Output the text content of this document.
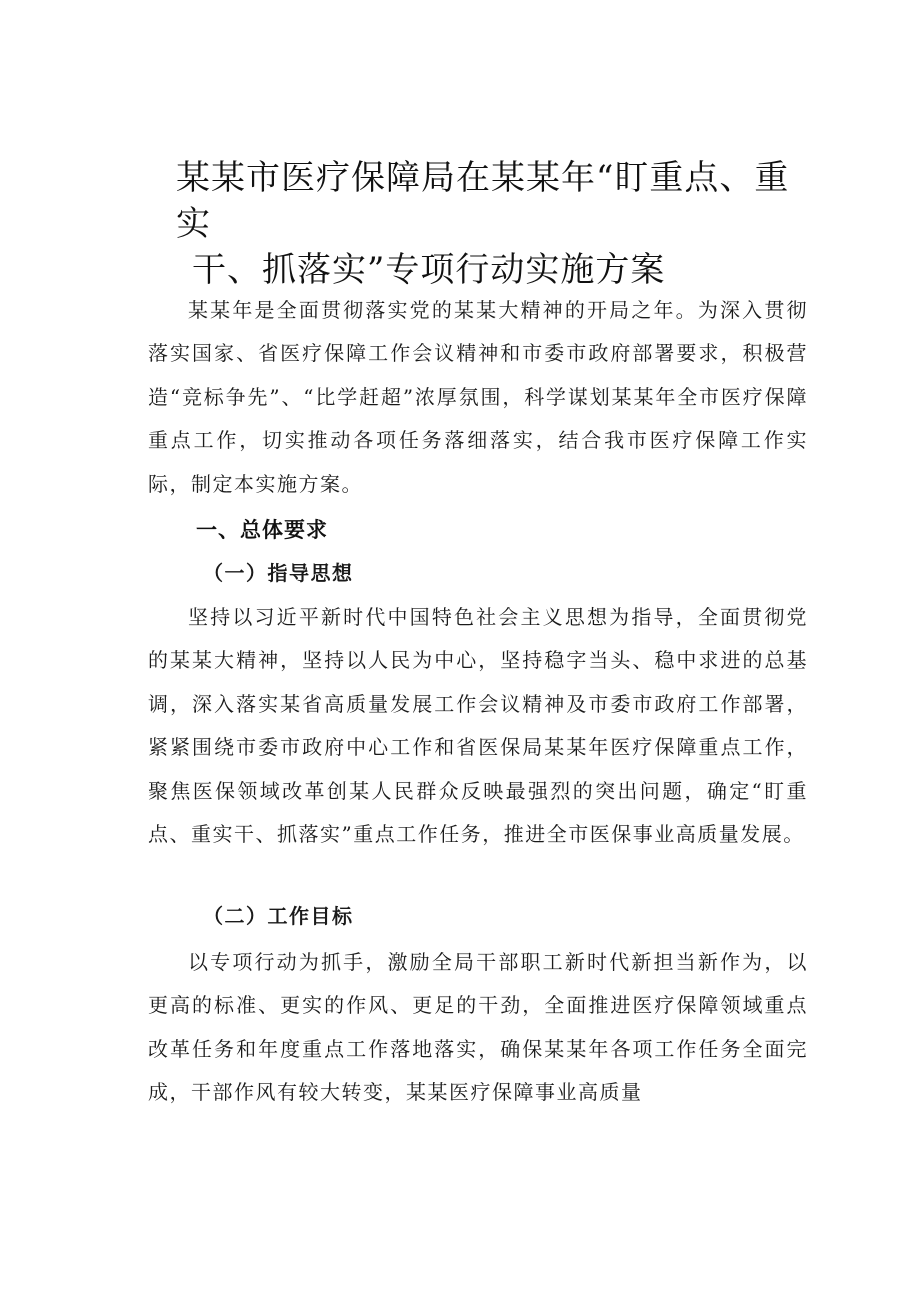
某某市医疗保障局在某某年“盯重点、重实
干、抓落实”专项行动实施方案

某某年是全面贯彻落实党的某某大精神的开局之年。为深入贯彻落实国家、省医疗保障工作会议精神和市委市政府部署要求，积极营造“竞标争先”、“比学赶超”浓厚氛围，科学谋划某某年全市医疗保障重点工作，切实推动各项任务落细落实，结合我市医疗保障工作实际，制定本实施方案。

一、总体要求
（一）指导思想

坚持以习近平新时代中国特色社会主义思想为指导，全面贯彻党的某某大精神，坚持以人民为中心，坚持稳字当头、稳中求进的总基调，深入落实某省高质量发展工作会议精神及市委市政府工作部署，紧紧围绕市委市政府中心工作和省医保局某某年医疗保障重点工作，聚焦医保领域改革创某人民群众反映最强烈的突出问题，确定“盯重点、重实干、抓落实”重点工作任务，推进全市医保事业高质量发展。

（二）工作目标

以专项行动为抓手，激励全局干部职工新时代新担当新作为，以更高的标准、更实的作风、更足的干劲，全面推进医疗保障领域重点改革任务和年度重点工作落地落实，确保某某年各项工作任务全面完成，干部作风有较大转变，某某医疗保障事业高质量
